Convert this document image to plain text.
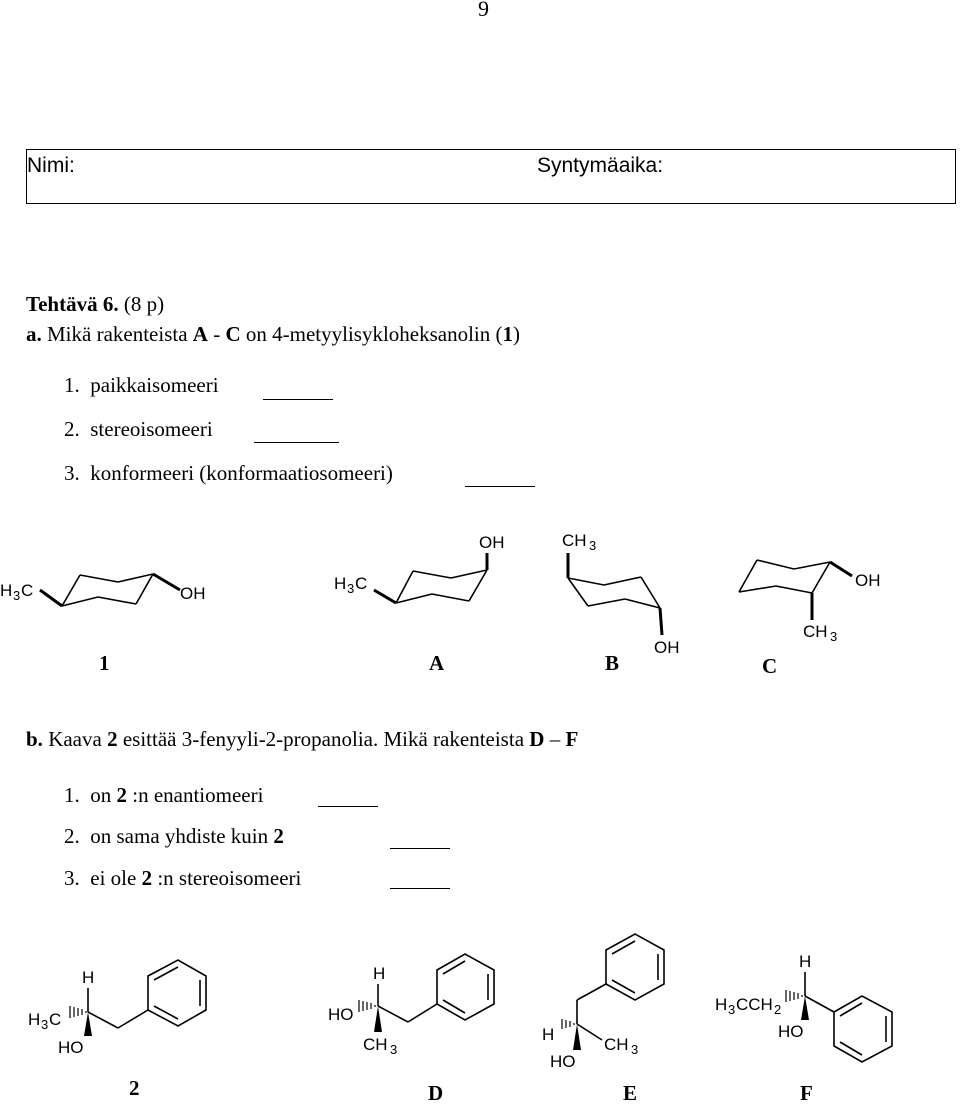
9
Nimi:	Syntymäaika:
Tehtävä 6. (8 p)
a. Mikä rakenteista A - C on 4-metyylisykloheksanolin (1)
1. paikkaisomeeri
2. stereoisomeeri
3. konformeeri (konformaatiosomeeri)
b. Kaava 2 esittää 3-fenyyli-2-propanolia. Mikä rakenteista D – F
1. on 2 :n enantiomeeri
2. on sama yhdiste kuin 2
3. ei ole 2 :n stereoisomeeri
H 3 C	OH
H 3 C
OH	CH 3
OH
OH
CH 3
H
H 3 C
HO
H
HO
CH 3
H
CH 3
HO
H
H 3 CCH 2
HO
1	A	B	C
2	D	E	F
